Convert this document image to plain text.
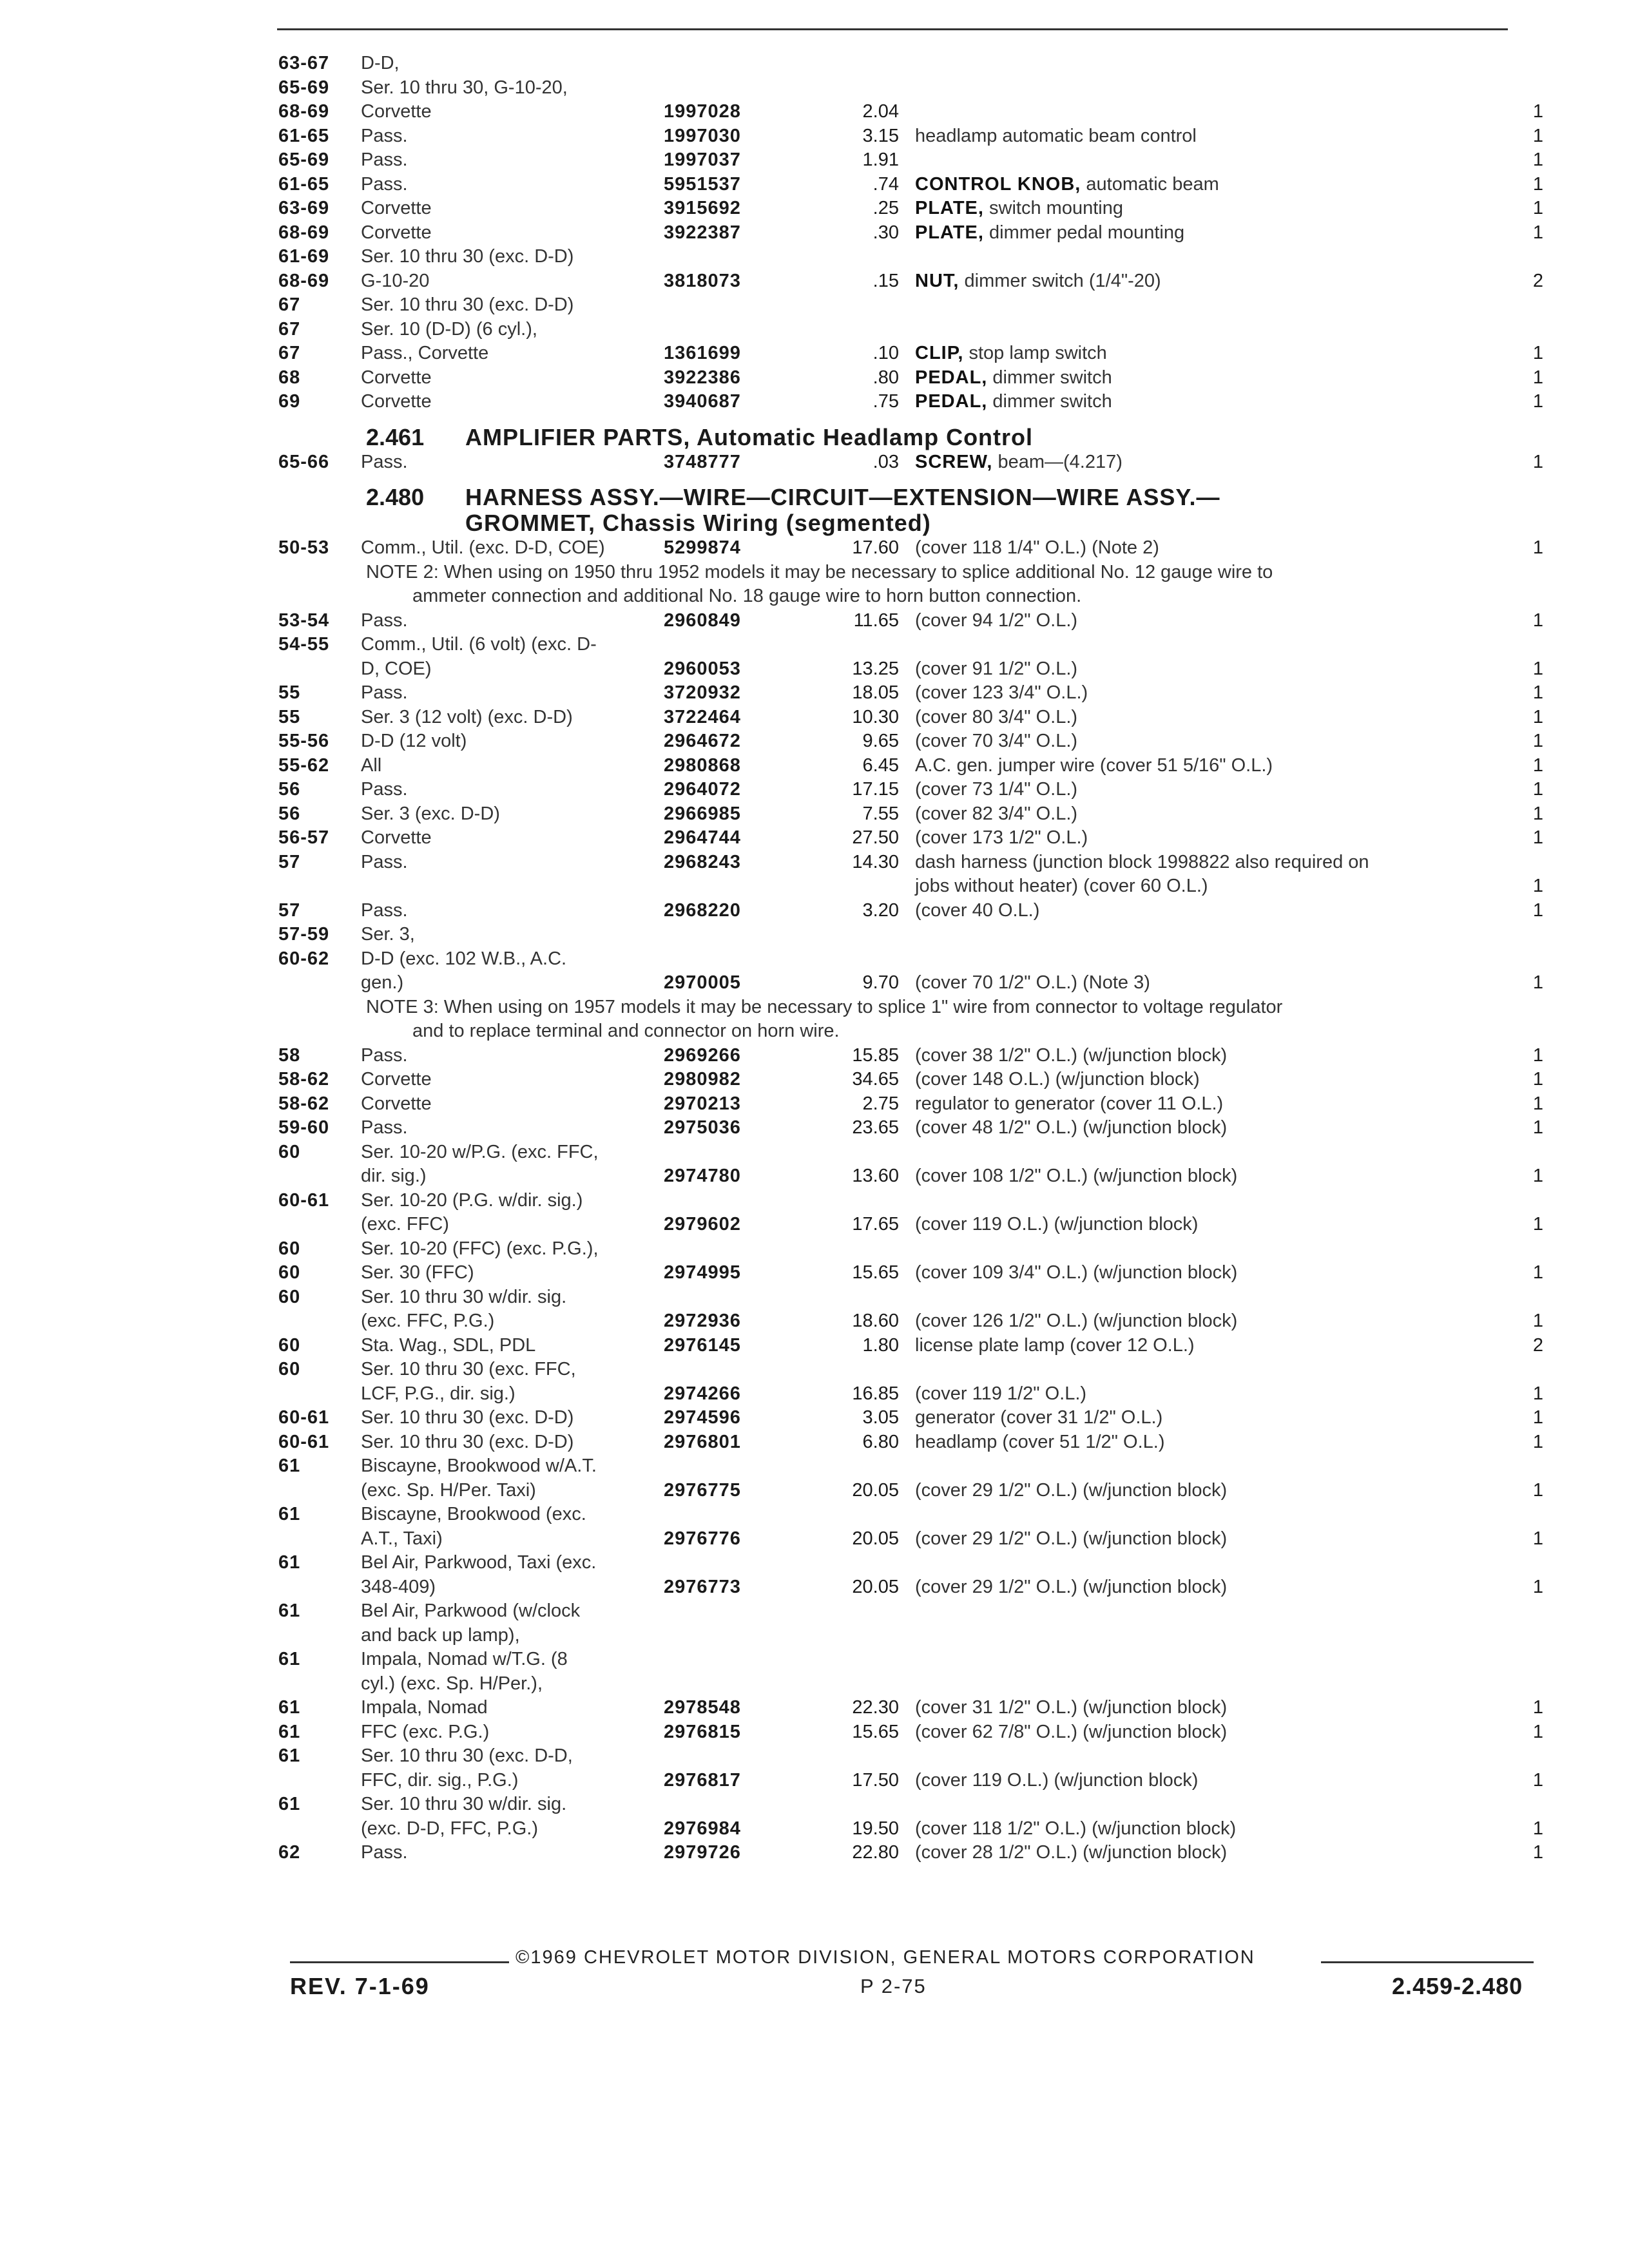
63-67 D-D,
65-69 Ser. 10 thru 30, G-10-20,
68-69 Corvette	1997028	2.04	1
61-65 Pass.	1997030	3.15 headlamp automatic beam control	1
65-69 Pass.	1997037	1.91	1
61-65 Pass.	5951537	.74 CONTROL KNOB, automatic beam	1
63-69 Corvette	3915692	.25 PLATE, switch mounting	1
68-69 Corvette	3922387	.30 PLATE, dimmer pedal mounting	1
61-69 Ser. 10 thru 30 (exc. D-D)
68-69 G-10-20	3818073	.15 NUT, dimmer switch (1/4"-20)	2
67	Ser. 10 thru 30 (exc. D-D)
67	Ser. 10 (D-D) (6 cyl.),
67	Pass., Corvette	1361699	.10 CLIP, stop lamp switch	1
68	Corvette	3922386	.80 PEDAL, dimmer switch	1
69	Corvette	3940687	.75 PEDAL, dimmer switch	1
2.461 AMPLIFIER PARTS, Automatic Headlamp Control
65-66 Pass.	3748777	.03 SCREW, beam—(4.217)	1
2.480 HARNESS ASSY.—WIRE—CIRCUIT—EXTENSION—WIRE ASSY.—
GROMMET, Chassis Wiring (segmented)
50-53 Comm., Util. (exc. D-D, COE)	5299874	17.60 (cover 118 1/4" O.L.) (Note 2)	1
NOTE 2: When using on 1950 thru 1952 models it may be necessary to splice additional No. 12 gauge wire to
ammeter connection and additional No. 18 gauge wire to horn button connection.
53-54 Pass.	2960849	11.65 (cover 94 1/2" O.L.)	1
54-55 Comm., Util. (6 volt) (exc. D-
D, COE)	2960053	13.25 (cover 91 1/2" O.L.)	1
55	Pass.	3720932	18.05 (cover 123 3/4" O.L.)	1
55	Ser. 3 (12 volt) (exc. D-D)	3722464	10.30 (cover 80 3/4" O.L.)	1
55-56 D-D (12 volt)	2964672	9.65 (cover 70 3/4" O.L.)	1
55-62 All	2980868	6.45 A.C. gen. jumper wire (cover 51 5/16" O.L.)	1
56	Pass.	2964072	17.15 (cover 73 1/4" O.L.)	1
56	Ser. 3 (exc. D-D)	2966985	7.55 (cover 82 3/4" O.L.)	1
56-57 Corvette	2964744	27.50 (cover 173 1/2" O.L.)	1
57	Pass.	2968243	14.30 dash harness (junction block 1998822 also required on
jobs without heater) (cover 60 O.L.)	1
57	Pass.	2968220	3.20 (cover 40 O.L.)	1
57-59 Ser. 3,
60-62 D-D (exc. 102 W.B., A.C.
gen.)	2970005	9.70 (cover 70 1/2" O.L.) (Note 3)	1
NOTE 3: When using on 1957 models it may be necessary to splice 1" wire from connector to voltage regulator
and to replace terminal and connector on horn wire.
58	Pass.	2969266	15.85 (cover 38 1/2" O.L.) (w/junction block)	1
58-62 Corvette	2980982	34.65 (cover 148 O.L.) (w/junction block)	1
58-62 Corvette	2970213	2.75 regulator to generator (cover 11 O.L.)	1
59-60 Pass.	2975036	23.65 (cover 48 1/2" O.L.) (w/junction block)	1
60	Ser. 10-20 w/P.G. (exc. FFC,
dir. sig.)	2974780	13.60 (cover 108 1/2" O.L.) (w/junction block)	1
60-61 Ser. 10-20 (P.G. w/dir. sig.)
(exc. FFC)	2979602	17.65 (cover 119 O.L.) (w/junction block)	1
60	Ser. 10-20 (FFC) (exc. P.G.),
60	Ser. 30 (FFC)	2974995	15.65 (cover 109 3/4" O.L.) (w/junction block)	1
60	Ser. 10 thru 30 w/dir. sig.
(exc. FFC, P.G.)	2972936	18.60 (cover 126 1/2" O.L.) (w/junction block)	1
60	Sta. Wag., SDL, PDL	2976145	1.80 license plate lamp (cover 12 O.L.)	2
60	Ser. 10 thru 30 (exc. FFC,
LCF, P.G., dir. sig.)	2974266	16.85 (cover 119 1/2" O.L.)	1
60-61 Ser. 10 thru 30 (exc. D-D)	2974596	3.05 generator (cover 31 1/2" O.L.)	1
60-61 Ser. 10 thru 30 (exc. D-D)	2976801	6.80 headlamp (cover 51 1/2" O.L.)	1
61	Biscayne, Brookwood w/A.T.
(exc. Sp. H/Per. Taxi)	2976775	20.05 (cover 29 1/2" O.L.) (w/junction block)	1
61	Biscayne, Brookwood (exc.
A.T., Taxi)	2976776	20.05 (cover 29 1/2" O.L.) (w/junction block)	1
61	Bel Air, Parkwood, Taxi (exc.
348-409)	2976773	20.05 (cover 29 1/2" O.L.) (w/junction block)	1
61	Bel Air, Parkwood (w/clock
and back up lamp),
61	Impala, Nomad w/T.G. (8
cyl.) (exc. Sp. H/Per.),
61	Impala, Nomad	2978548	22.30 (cover 31 1/2" O.L.) (w/junction block)	1
61	FFC (exc. P.G.)	2976815	15.65 (cover 62 7/8" O.L.) (w/junction block)	1
61	Ser. 10 thru 30 (exc. D-D,
FFC, dir. sig., P.G.)	2976817	17.50 (cover 119 O.L.) (w/junction block)	1
61	Ser. 10 thru 30 w/dir. sig.
(exc. D-D, FFC, P.G.)	2976984	19.50 (cover 118 1/2" O.L.) (w/junction block)	1
62	Pass.	2979726	22.80 (cover 28 1/2" O.L.) (w/junction block)	1
©1969 CHEVROLET MOTOR DIVISION, GENERAL MOTORS CORPORATION
REV. 7-1-69	P 2-75	2.459-2.480
